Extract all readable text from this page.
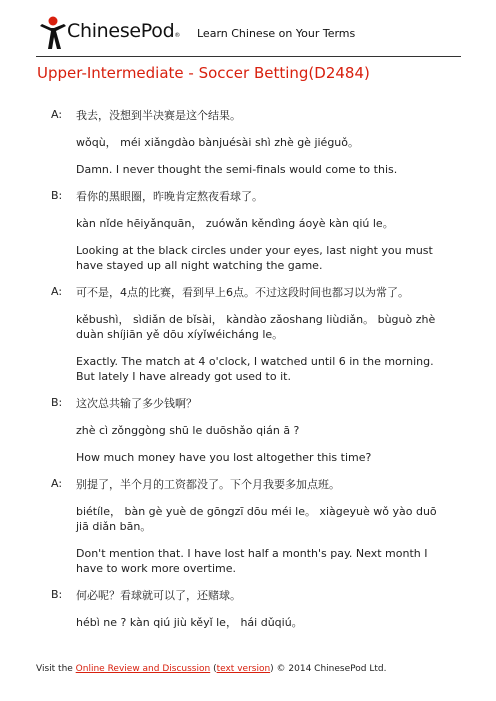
ChinesePod® Learn Chinese on Your Terms
Upper-Intermediate - Soccer Betting(D2484)
A: 我去，没想到半决赛是这个结果。
wǒqù， méi xiǎngdào bànjuésài shì zhè gè jiéguǒ。
Damn. I never thought the semi-finals would come to this.
B: 看你的黑眼圈，昨晚肯定熬夜看球了。
kàn nǐde hēiyǎnquān， zuówǎn kěndìng áoyè kàn qiú le。
Looking at the black circles under your eyes, last night you must have stayed up all night watching the game.
A: 可不是，4点的比赛，看到早上6点。不过这段时间也都习以为常了。
kěbushì， sìdiǎn de bǐsài， kàndào zǎoshang liùdiǎn。 bùguò zhè duàn shíjiān yě dōu xíyǐwéicháng le。
Exactly. The match at 4 o'clock, I watched until 6 in the morning. But lately I have already got used to it.
B: 这次总共输了多少钱啊？
zhè cì zǒnggòng shū le duōshǎo qián ā ?
How much money have you lost altogether this time?
A: 别提了，半个月的工资都没了。下个月我要多加点班。
biétíle， bàn gè yuè de gōngzī dōu méi le。 xiàgeyuè wǒ yào duō jiā diǎn bān。
Don't mention that. I have lost half a month's pay. Next month I have to work more overtime.
B: 何必呢？看球就可以了，还赌球。
hébì ne ? kàn qiú jiù kěyǐ le， hái dǔqiú。
Visit the Online Review and Discussion (text version) © 2014 ChinesePod Ltd.
